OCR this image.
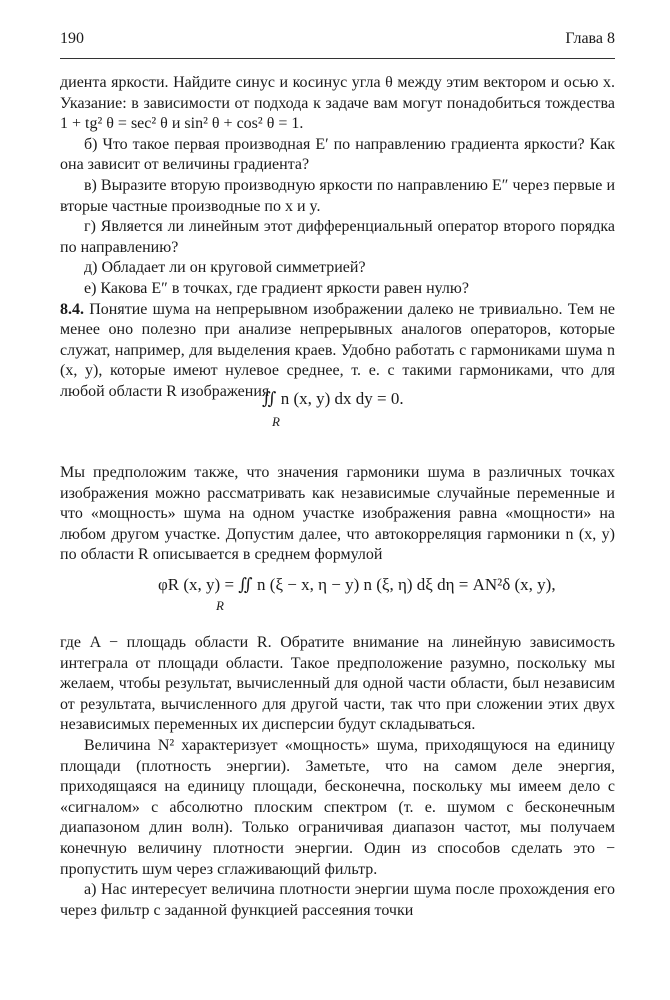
190	Глава 8

диента яркости. Найдите синус и косинус угла θ между этим вектором и осью x. Указание: в зависимости от подхода к задаче вам могут понадобиться тождества 1 + tg² θ = sec² θ и sin² θ + cos² θ = 1.

б) Что такое первая производная E′ по направлению градиента яркости? Как она зависит от величины градиента?

в) Выразите вторую производную яркости по направлению E″ через первые и вторые частные производные по x и y.

г) Является ли линейным этот дифференциальный оператор второго порядка по направлению?

д) Обладает ли он круговой симметрией?

е) Какова E″ в точках, где градиент яркости равен нулю?

8.4. Понятие шума на непрерывном изображении далеко не тривиально. Тем не менее оно полезно при анализе непрерывных аналогов операторов, которые служат, например, для выделения краев. Удобно работать с гармониками шума n (x, y), которые имеют нулевое среднее, т. е. с такими гармониками, что для любой области R изображения

∬ n (x, y) dx dy = 0.
R

Мы предположим также, что значения гармоники шума в различных точках изображения можно рассматривать как независимые случайные переменные и что «мощность» шума на одном участке изображения равна «мощности» на любом другом участке. Допустим далее, что автокорреляция гармоники n (x, y) по области R описывается в среднем формулой

φR (x, y) = ∬ n (ξ − x, η − y) n (ξ, η) dξ dη = AN²δ (x, y),
R

где A − площадь области R. Обратите внимание на линейную зависимость интеграла от площади области. Такое предположение разумно, поскольку мы желаем, чтобы результат, вычисленный для одной части области, был независим от результата, вычисленного для другой части, так что при сложении этих двух независимых переменных их дисперсии будут складываться.

Величина N² характеризует «мощность» шума, приходящуюся на единицу площади (плотность энергии). Заметьте, что на самом деле энергия, приходящаяся на единицу площади, бесконечна, поскольку мы имеем дело с «сигналом» с абсолютно плоским спектром (т. е. шумом с бесконечным диапазоном длин волн). Только ограничивая диапазон частот, мы получаем конечную величину плотности энергии. Один из способов сделать это − пропустить шум через сглаживающий фильтр.

а) Нас интересует величина плотности энергии шума после прохождения его через фильтр с заданной функцией рассеяния точки
